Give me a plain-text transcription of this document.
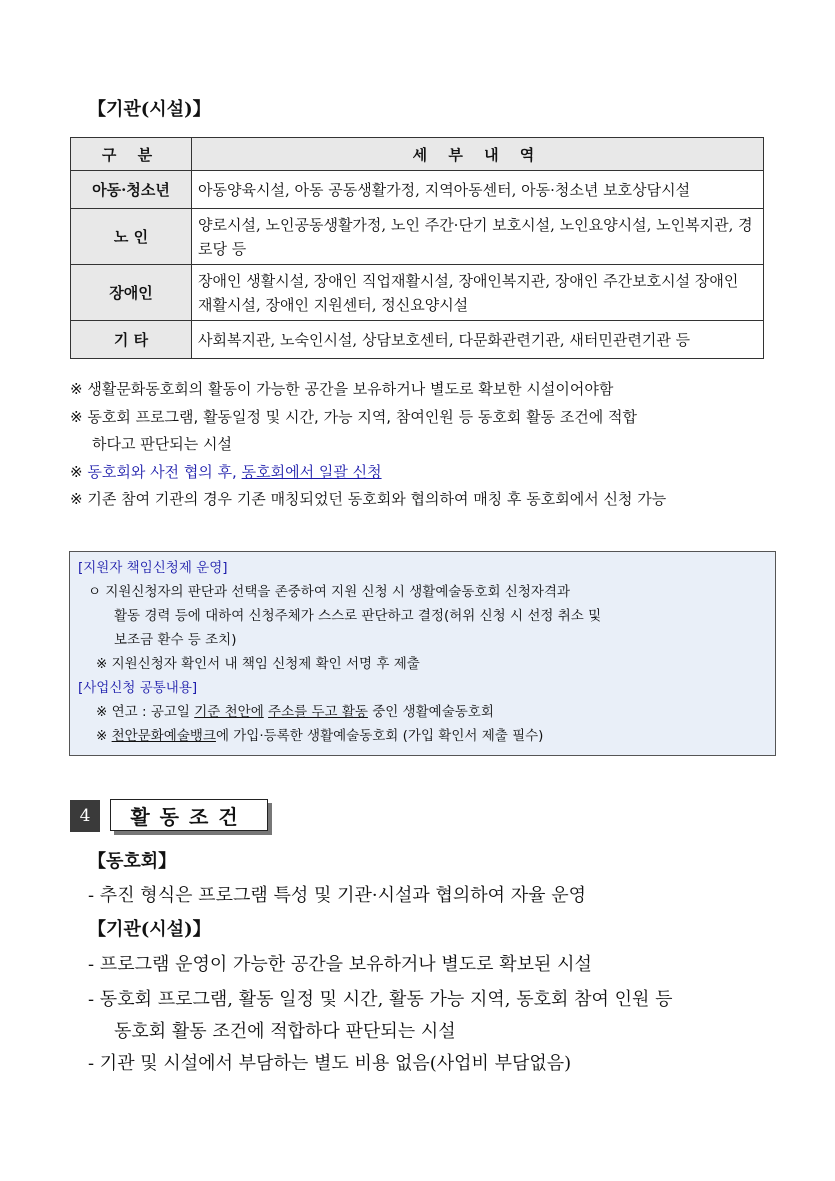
【기관(시설)】
구 분	세 부 내 역
아동·청소년	아동양육시설, 아동 공동생활가정, 지역아동센터, 아동·청소년 보호상담시설
노 인	양로시설, 노인공동생활가정, 노인 주간·단기 보호시설, 노인요양시설, 노인복지관, 경로당 등
장애인	장애인 생활시설, 장애인 직업재활시설, 장애인복지관, 장애인 주간보호시설 장애인 재활시설, 장애인 지원센터, 정신요양시설
기 타	사회복지관, 노숙인시설, 상담보호센터, 다문화관련기관, 새터민관련기관 등
※ 생활문화동호회의 활동이 가능한 공간을 보유하거나 별도로 확보한 시설이어야함
※ 동호회 프로그램, 활동일정 및 시간, 가능 지역, 참여인원 등 동호회 활동 조건에 적합
하다고 판단되는 시설
※ 동호회와 사전 협의 후, 동호회에서 일괄 신청
※ 기존 참여 기관의 경우 기존 매칭되었던 동호회와 협의하여 매칭 후 동호회에서 신청 가능
[지원자 책임신청제 운영]
ㅇ 지원신청자의 판단과 선택을 존중하여 지원 신청 시 생활예술동호회 신청자격과
활동 경력 등에 대하여 신청주체가 스스로 판단하고 결정(허위 신청 시 선정 취소 및
보조금 환수 등 조치)
※ 지원신청자 확인서 내 책임 신청제 확인 서명 후 제출
[사업신청 공통내용]
※ 연고 : 공고일 기준 천안에 주소를 두고 활동 중인 생활예술동호회
※ 천안문화예술뱅크에 가입·등록한 생활예술동호회 (가입 확인서 제출 필수)
4	활동조건
【동호회】
- 추진 형식은 프로그램 특성 및 기관·시설과 협의하여 자율 운영
【기관(시설)】
- 프로그램 운영이 가능한 공간을 보유하거나 별도로 확보된 시설
- 동호회 프로그램, 활동 일정 및 시간, 활동 가능 지역, 동호회 참여 인원 등
동호회 활동 조건에 적합하다 판단되는 시설
- 기관 및 시설에서 부담하는 별도 비용 없음(사업비 부담없음)
